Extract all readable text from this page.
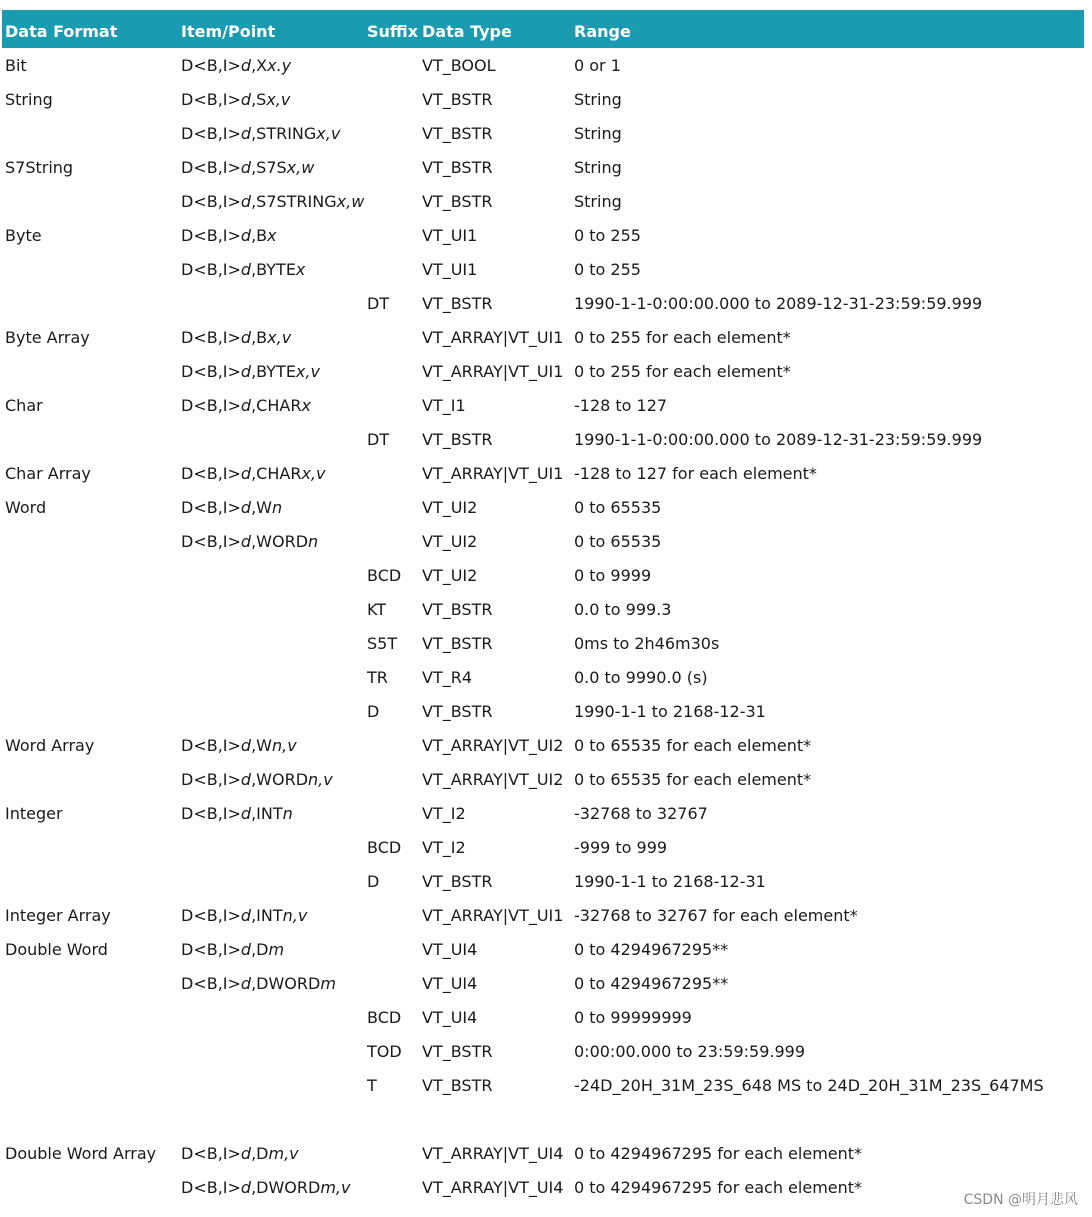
Data Format	Item/Point	Suffix	Data Type	Range
Bit	D<B,I>d,Xx.y		VT_BOOL	0 or 1
String	D<B,I>d,Sx,v		VT_BSTR	String
	D<B,I>d,STRINGx,v		VT_BSTR	String
S7String	D<B,I>d,S7Sx,w		VT_BSTR	String
	D<B,I>d,S7STRINGx,w		VT_BSTR	String
Byte	D<B,I>d,Bx		VT_UI1	0 to 255
	D<B,I>d,BYTEx		VT_UI1	0 to 255
		DT	VT_BSTR	1990-1-1-0:00:00.000 to 2089-12-31-23:59:59.999
Byte Array	D<B,I>d,Bx,v		VT_ARRAY|VT_UI1	0 to 255 for each element*
	D<B,I>d,BYTEx,v		VT_ARRAY|VT_UI1	0 to 255 for each element*
Char	D<B,I>d,CHARx		VT_I1	-128 to 127
		DT	VT_BSTR	1990-1-1-0:00:00.000 to 2089-12-31-23:59:59.999
Char Array	D<B,I>d,CHARx,v		VT_ARRAY|VT_UI1	-128 to 127 for each element*
Word	D<B,I>d,Wn		VT_UI2	0 to 65535
	D<B,I>d,WORDn		VT_UI2	0 to 65535
		BCD	VT_UI2	0 to 9999
		KT	VT_BSTR	0.0 to 999.3
		S5T	VT_BSTR	0ms to 2h46m30s
		TR	VT_R4	0.0 to 9990.0 (s)
		D	VT_BSTR	1990-1-1 to 2168-12-31
Word Array	D<B,I>d,Wn,v		VT_ARRAY|VT_UI2	0 to 65535 for each element*
	D<B,I>d,WORDn,v		VT_ARRAY|VT_UI2	0 to 65535 for each element*
Integer	D<B,I>d,INTn		VT_I2	-32768 to 32767
		BCD	VT_I2	-999 to 999
		D	VT_BSTR	1990-1-1 to 2168-12-31
Integer Array	D<B,I>d,INTn,v		VT_ARRAY|VT_UI1	-32768 to 32767 for each element*
Double Word	D<B,I>d,Dm		VT_UI4	0 to 4294967295**
	D<B,I>d,DWORDm		VT_UI4	0 to 4294967295**
		BCD	VT_UI4	0 to 99999999
		TOD	VT_BSTR	0:00:00.000 to 23:59:59.999
		T	VT_BSTR	-24D_20H_31M_23S_648 MS to 24D_20H_31M_23S_647MS

Double Word Array	D<B,I>d,Dm,v		VT_ARRAY|VT_UI4	0 to 4294967295 for each element*
	D<B,I>d,DWORDm,v		VT_ARRAY|VT_UI4	0 to 4294967295 for each element*
CSDN @明月悲风
